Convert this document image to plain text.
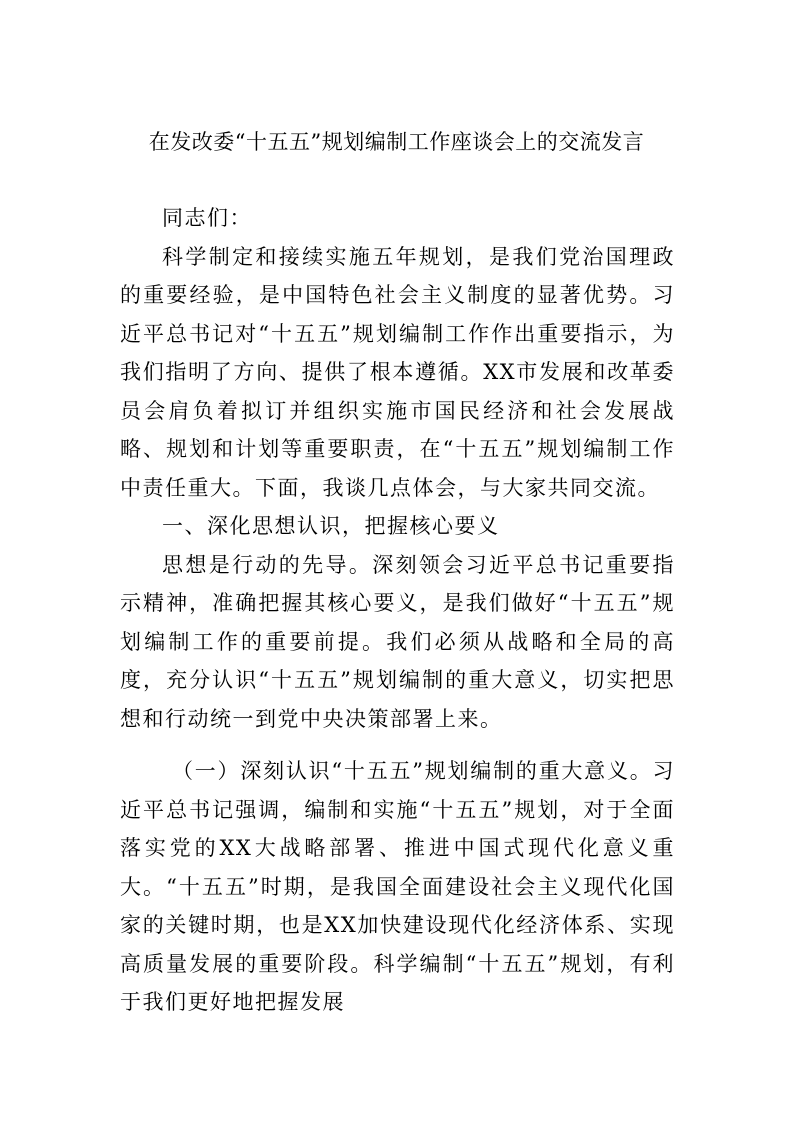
在发改委“十五五”规划编制工作座谈会上的交流发言

同志们：

科学制定和接续实施五年规划，是我们党治国理政的重要经验，是中国特色社会主义制度的显著优势。习近平总书记对“十五五”规划编制工作作出重要指示，为我们指明了方向、提供了根本遵循。XX市发展和改革委员会肩负着拟订并组织实施市国民经济和社会发展战略、规划和计划等重要职责，在“十五五”规划编制工作中责任重大。下面，我谈几点体会，与大家共同交流。

一、深化思想认识，把握核心要义

思想是行动的先导。深刻领会习近平总书记重要指示精神，准确把握其核心要义，是我们做好“十五五”规划编制工作的重要前提。我们必须从战略和全局的高度，充分认识“十五五”规划编制的重大意义，切实把思想和行动统一到党中央决策部署上来。

（一）深刻认识“十五五”规划编制的重大意义。习近平总书记强调，编制和实施“十五五”规划，对于全面落实党的XX大战略部署、推进中国式现代化意义重大。“十五五”时期，是我国全面建设社会主义现代化国家的关键时期，也是XX加快建设现代化经济体系、实现高质量发展的重要阶段。科学编制“十五五”规划，有利于我们更好地把握发展
